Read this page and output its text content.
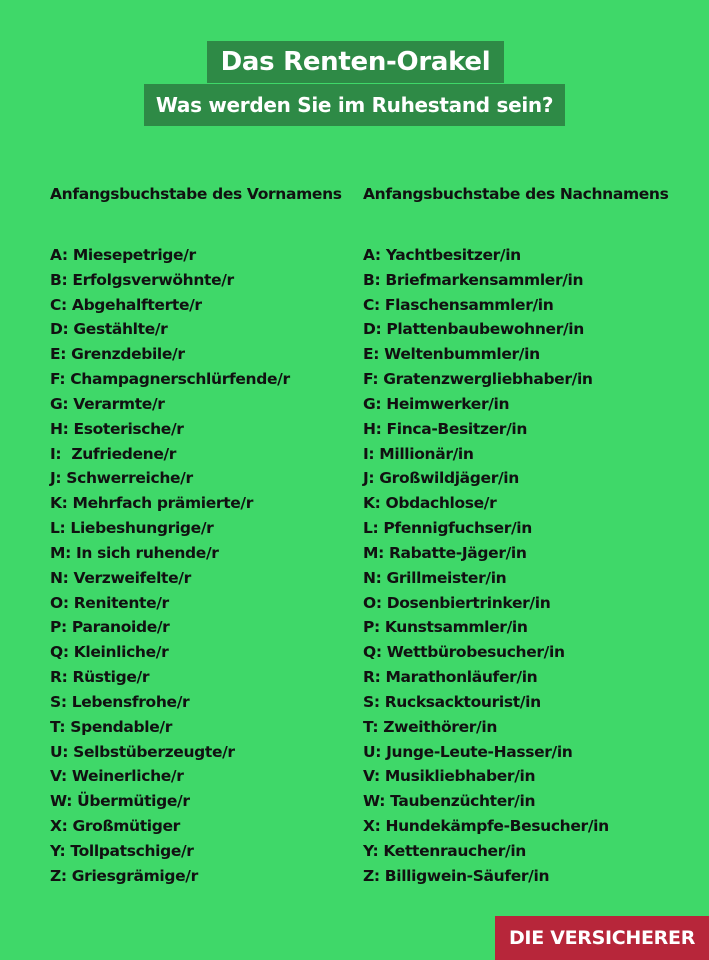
Das Renten-Orakel
Was werden Sie im Ruhestand sein?
Anfangsbuchstabe des Vornamens
A: Miesepetrige/r
B: Erfolgsverwöhnte/r
C: Abgehalfterte/r
D: Gestählte/r
E: Grenzdebile/r
F: Champagnerschlürfende/r
G: Verarmte/r
H: Esoterische/r
I:  Zufriedene/r
J: Schwerreiche/r
K: Mehrfach prämierte/r
L: Liebeshungrige/r
M: In sich ruhende/r
N: Verzweifelte/r
O: Renitente/r
P: Paranoide/r
Q: Kleinliche/r
R: Rüstige/r
S: Lebensfrohe/r
T: Spendable/r
U: Selbstüberzeugte/r
V: Weinerliche/r
W: Übermütige/r
X: Großmütiger
Y: Tollpatschige/r
Z: Griesgrämige/r
Anfangsbuchstabe des Nachnamens
A: Yachtbesitzer/in
B: Briefmarkensammler/in
C: Flaschensammler/in
D: Plattenbaubewohner/in
E: Weltenbummler/in
F: Gratenzwergliebhaber/in
G: Heimwerker/in
H: Finca-Besitzer/in
I: Millionär/in
J: Großwildjäger/in
K: Obdachlose/r
L: Pfennigfuchser/in
M: Rabatte-Jäger/in
N: Grillmeister/in
O: Dosenbiertrinker/in
P: Kunstsammler/in
Q: Wettbürobesucher/in
R: Marathonläufer/in
S: Rucksacktourist/in
T: Zweithörer/in
U: Junge-Leute-Hasser/in
V: Musikliebhaber/in
W: Taubenzüchter/in
X: Hundekämpfe-Besucher/in
Y: Kettenraucher/in
Z: Billigwein-Säufer/in
DIE VERSICHERER
